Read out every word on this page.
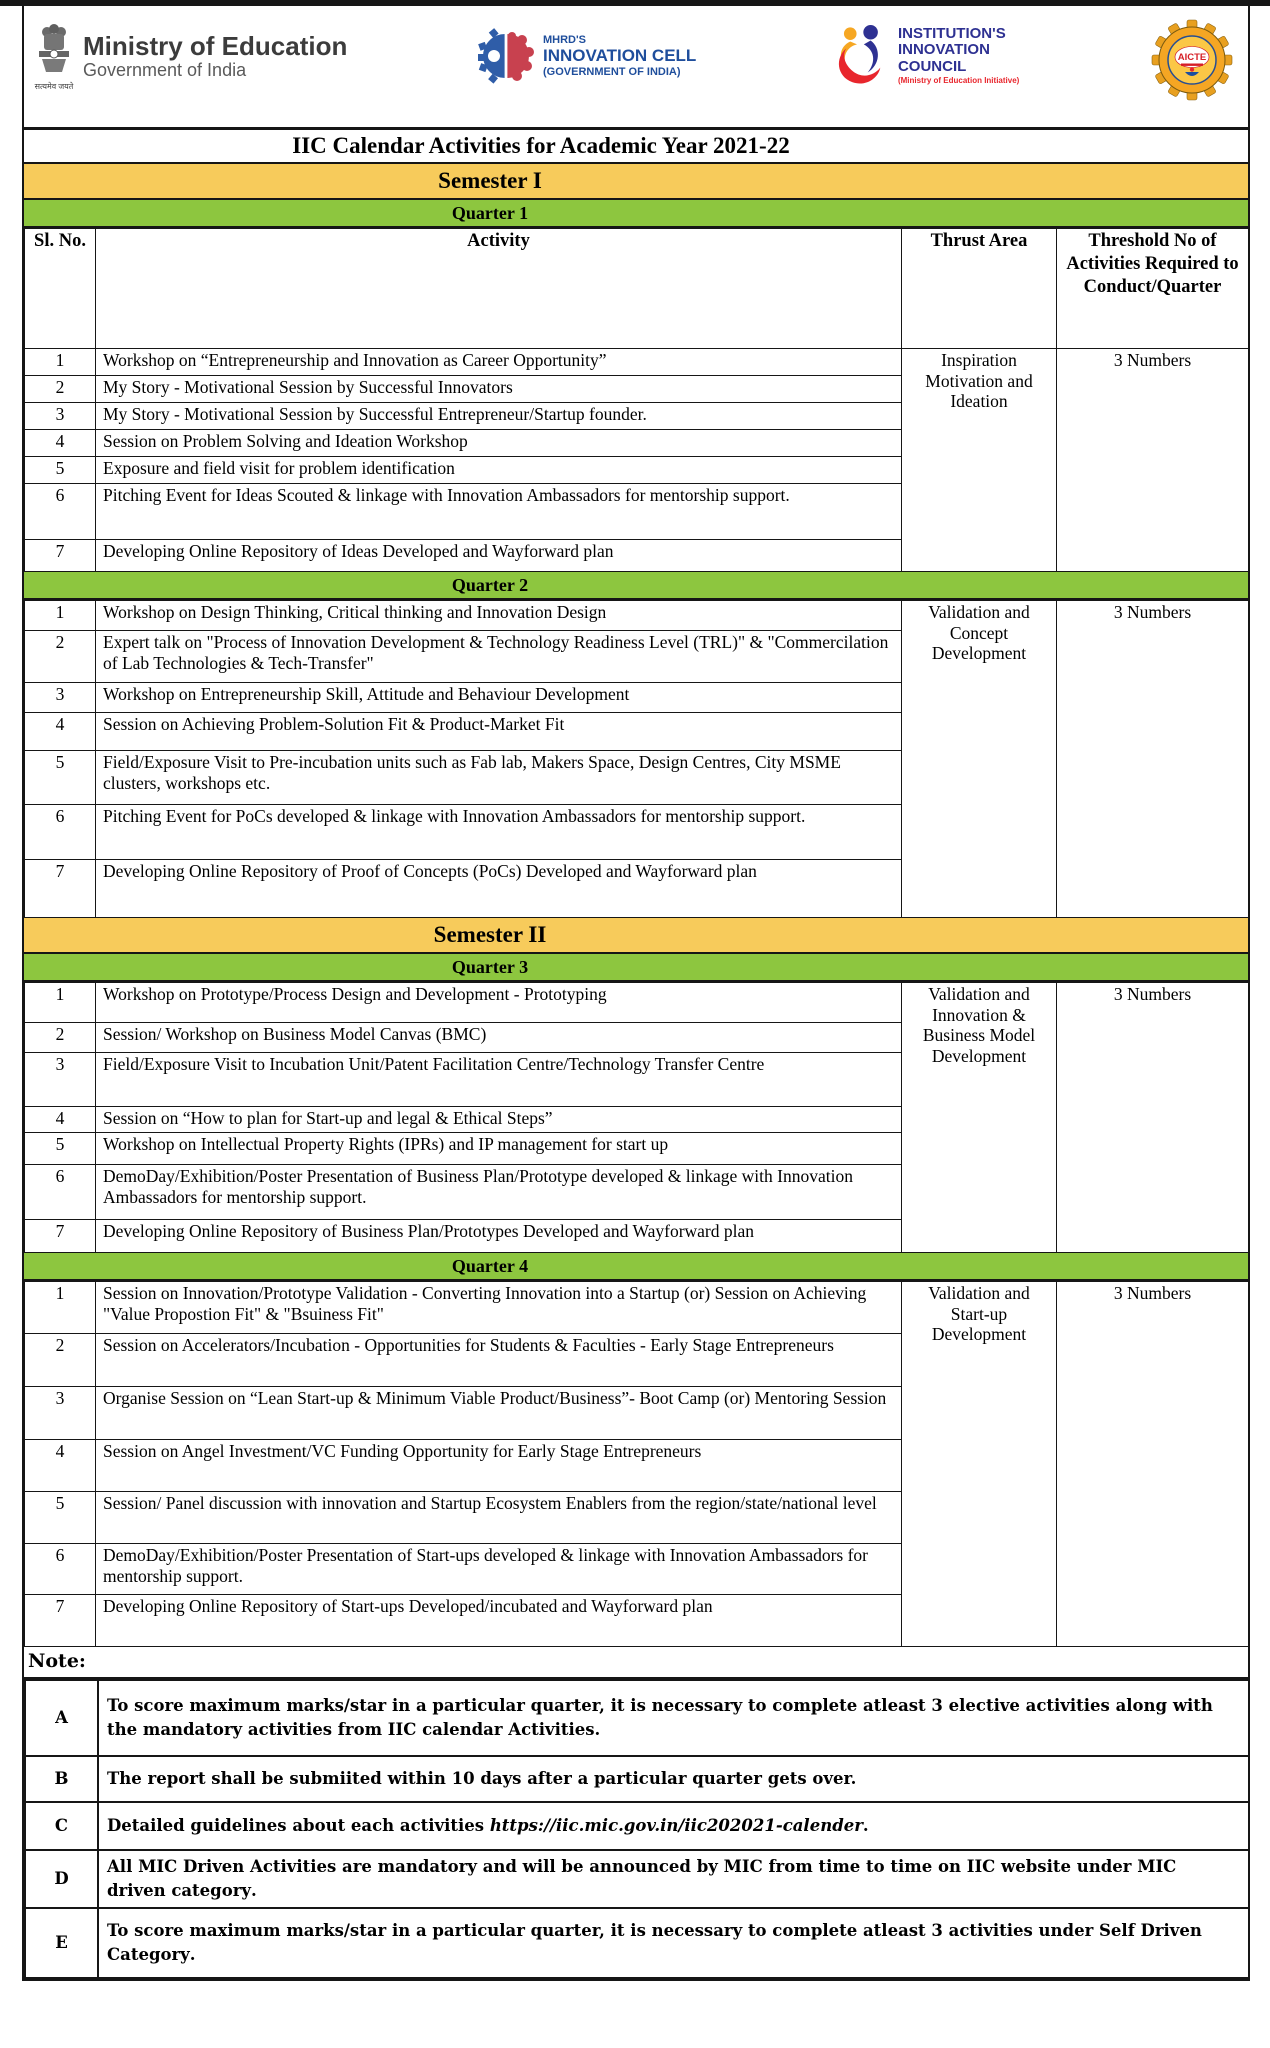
सत्यमेव जयते
Ministry of Education
Government of India
MHRD'S
INNOVATION CELL
(GOVERNMENT OF INDIA)
INSTITUTION'S
INNOVATION
COUNCIL
(Ministry of Education Initiative)
AICTE
IIC Calendar Activities for Academic Year 2021-22
Semester I
Quarter 1
Sl. No.	Activity	Thrust Area	Threshold No of Activities Required to Conduct/Quarter
1	Workshop on “Entrepreneurship and Innovation as Career Opportunity”	Inspiration Motivation and Ideation	3 Numbers
2	My Story - Motivational Session by Successful Innovators		
3	My Story - Motivational Session by Successful Entrepreneur/Startup founder.		
4	Session on Problem Solving and Ideation Workshop		
5	Exposure and field visit for problem identification		
6	Pitching Event for Ideas Scouted & linkage with Innovation Ambassadors for mentorship support.		
7	Developing Online Repository of Ideas Developed and Wayforward plan		
Quarter 2
1	Workshop on Design Thinking, Critical thinking and Innovation Design	Validation and Concept Development	3 Numbers
2	Expert talk on "Process of Innovation Development & Technology Readiness Level (TRL)" & "Commercilation of Lab Technologies & Tech-Transfer"		
3	Workshop on Entrepreneurship Skill, Attitude and Behaviour Development		
4	Session on Achieving Problem-Solution Fit & Product-Market Fit		
5	Field/Exposure Visit to Pre-incubation units such as Fab lab, Makers Space, Design Centres, City MSME clusters, workshops etc.		
6	Pitching Event for PoCs developed & linkage with Innovation Ambassadors for mentorship support.		
7	Developing Online Repository of Proof of Concepts (PoCs) Developed and Wayforward plan		
Semester II
Quarter 3
1	Workshop on Prototype/Process Design and Development - Prototyping	Validation and Innovation & Business Model Development	3 Numbers
2	Session/ Workshop on Business Model Canvas (BMC)		
3	Field/Exposure Visit to Incubation Unit/Patent Facilitation Centre/Technology Transfer Centre		
4	Session on “How to plan for Start-up and legal & Ethical Steps”		
5	Workshop on Intellectual Property Rights (IPRs) and IP management for start up		
6	DemoDay/Exhibition/Poster Presentation of Business Plan/Prototype developed & linkage with Innovation Ambassadors for mentorship support.		
7	Developing Online Repository of Business Plan/Prototypes Developed and Wayforward plan		
Quarter 4
1	Session on Innovation/Prototype Validation - Converting Innovation into a Startup (or) Session on Achieving "Value Propostion Fit" & "Bsuiness Fit"	Validation and Start-up Development	3 Numbers
2	Session on Accelerators/Incubation - Opportunities for Students & Faculties - Early Stage Entrepreneurs		
3	Organise Session on “Lean Start-up & Minimum Viable Product/Business”- Boot Camp (or) Mentoring Session		
4	Session on Angel Investment/VC Funding Opportunity for Early Stage Entrepreneurs		
5	Session/ Panel discussion with innovation and Startup Ecosystem Enablers from the region/state/national level		
6	DemoDay/Exhibition/Poster Presentation of Start-ups developed & linkage with Innovation Ambassadors for mentorship support.		
7	Developing Online Repository of Start-ups Developed/incubated and Wayforward plan		
Note:
A	To score maximum marks/star in a particular quarter, it is necessary to complete atleast 3 elective activities along with the mandatory activities from IIC calendar Activities.
B	The report shall be submiited within 10 days after a particular quarter gets over.
C	Detailed guidelines about each activities https://iic.mic.gov.in/iic202021-calender.
D	All MIC Driven Activities are mandatory and will be announced by MIC from time to time on IIC website under MIC driven category.
E	To score maximum marks/star in a particular quarter, it is necessary to complete atleast 3 activities under Self Driven Category.
